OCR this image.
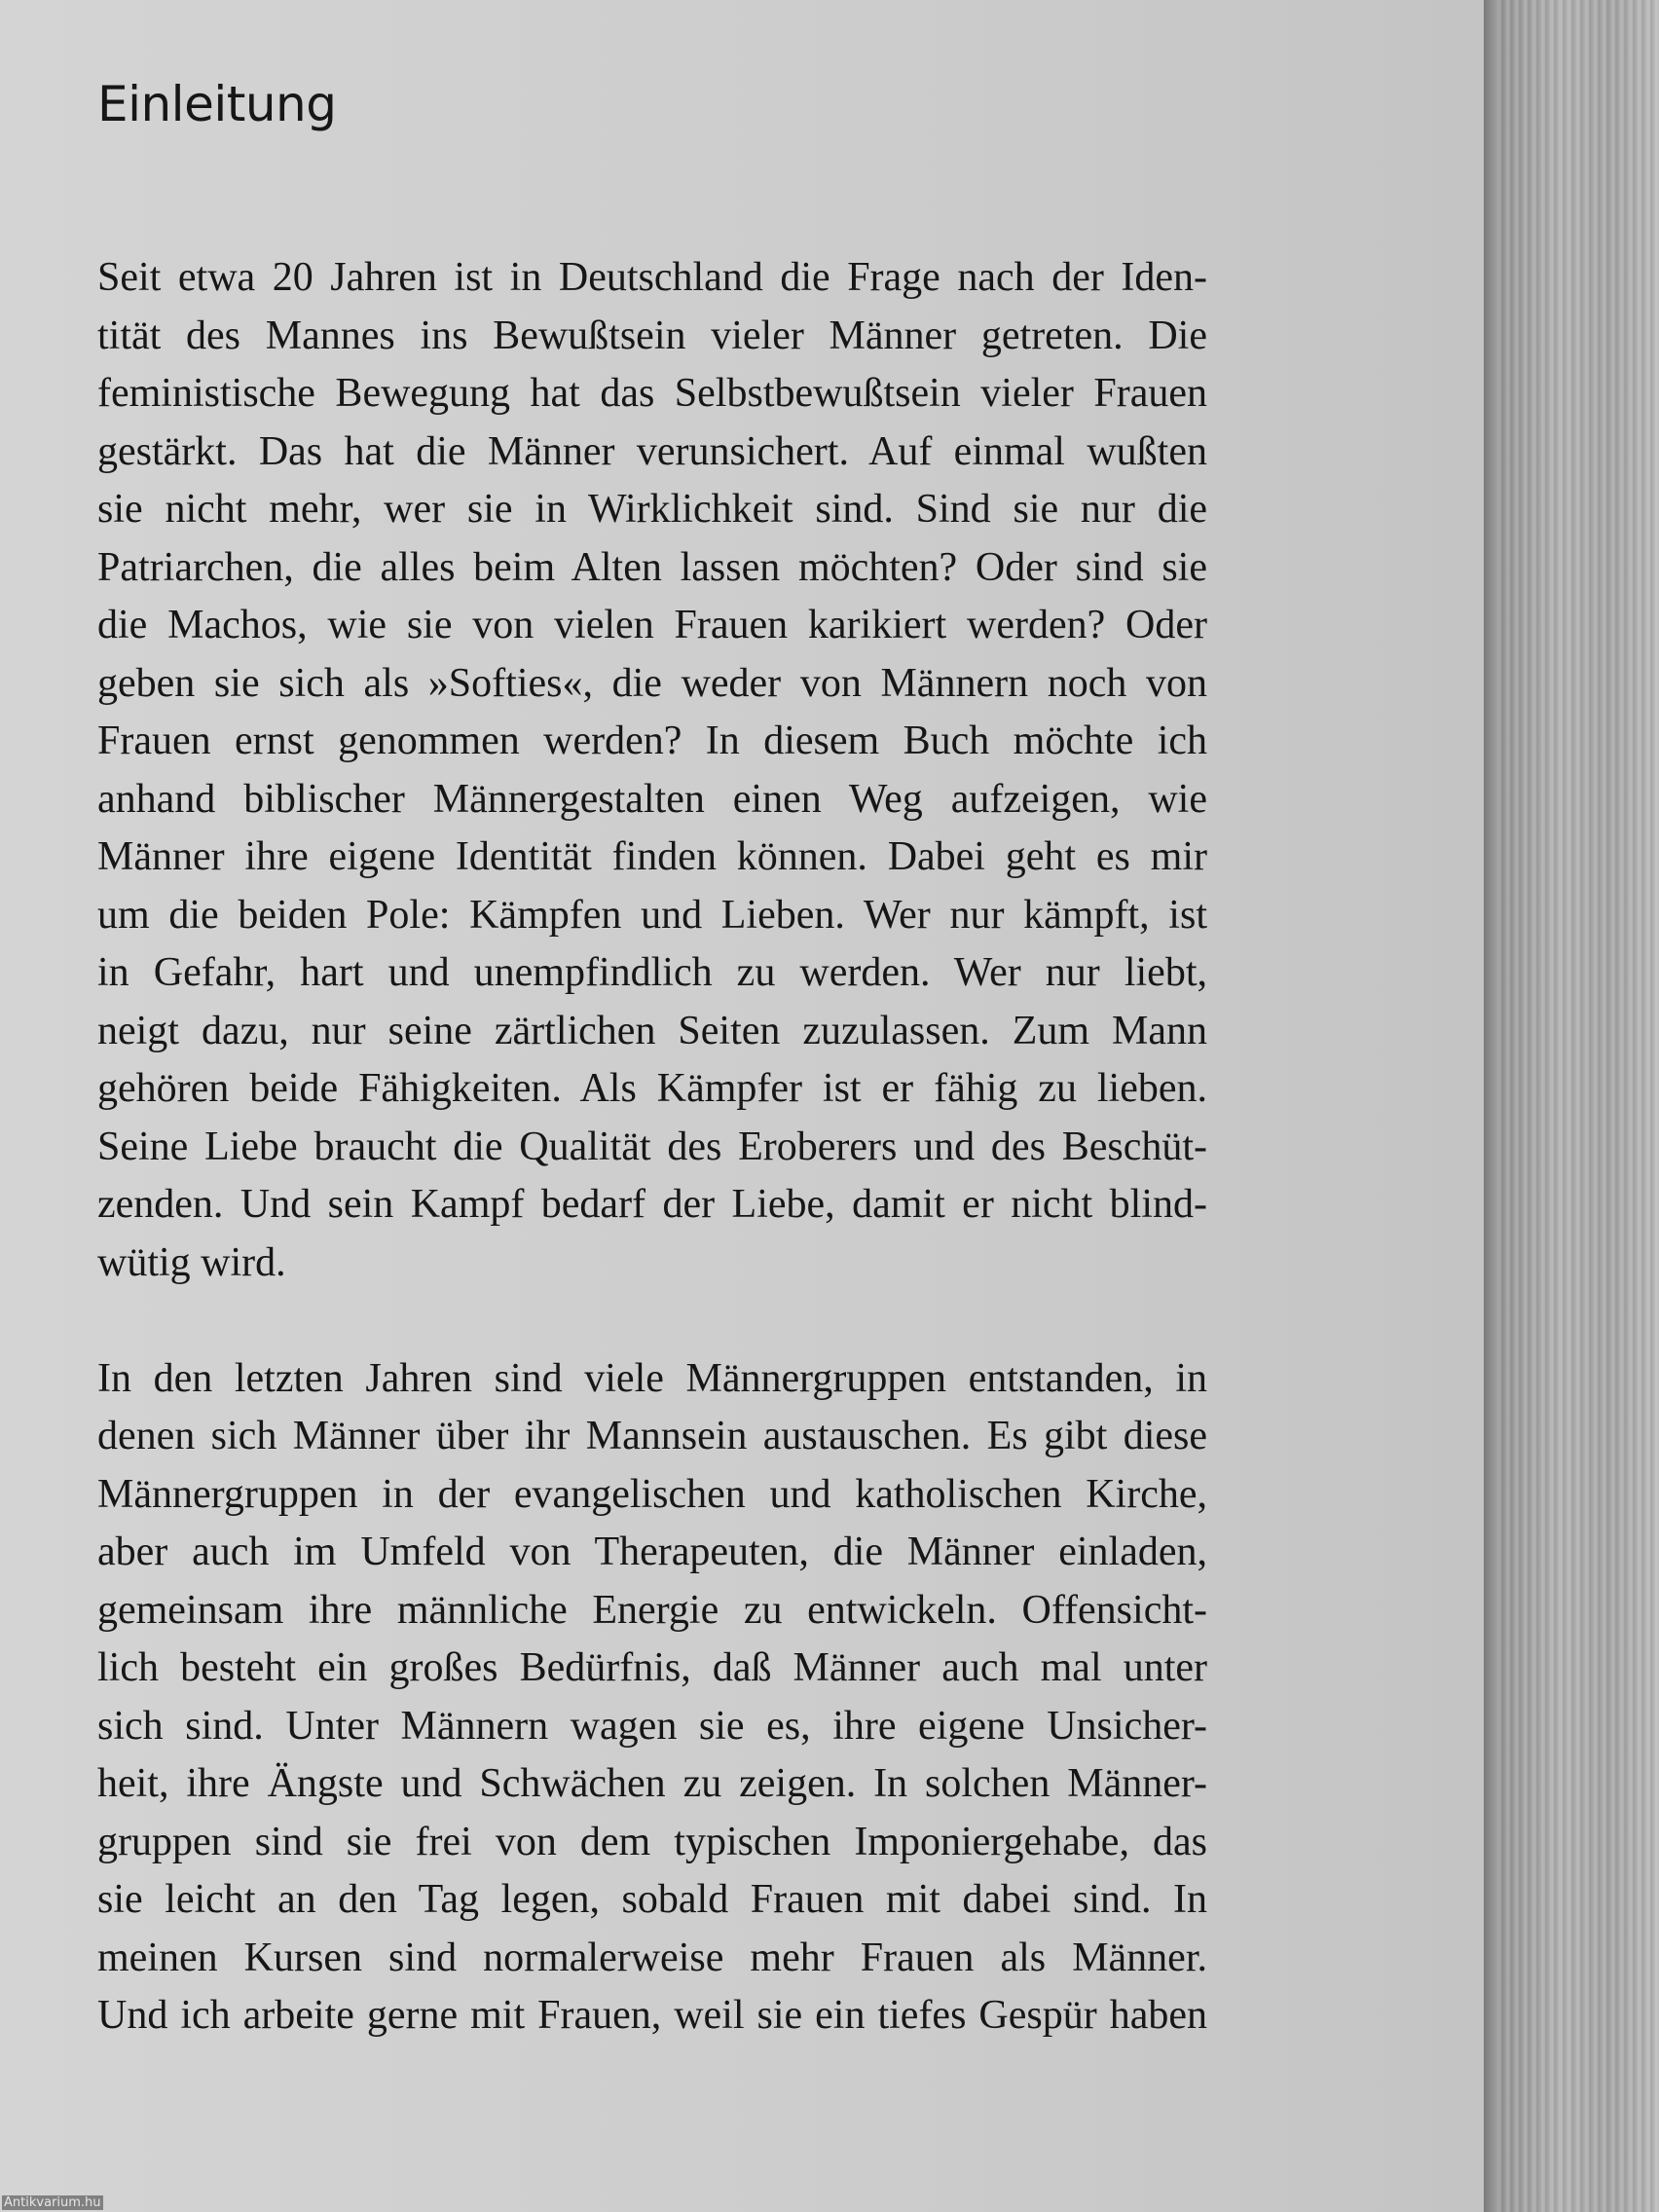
Einleitung
Seit etwa 20 Jahren ist in Deutschland die Frage nach der Iden-
tität des Mannes ins Bewußtsein vieler Männer getreten. Die
feministische Bewegung hat das Selbstbewußtsein vieler Frauen
gestärkt. Das hat die Männer verunsichert. Auf einmal wußten
sie nicht mehr, wer sie in Wirklichkeit sind. Sind sie nur die
Patriarchen, die alles beim Alten lassen möchten? Oder sind sie
die Machos, wie sie von vielen Frauen karikiert werden? Oder
geben sie sich als »Softies«, die weder von Männern noch von
Frauen ernst genommen werden? In diesem Buch möchte ich
anhand biblischer Männergestalten einen Weg aufzeigen, wie
Männer ihre eigene Identität finden können. Dabei geht es mir
um die beiden Pole: Kämpfen und Lieben. Wer nur kämpft, ist
in Gefahr, hart und unempfindlich zu werden. Wer nur liebt,
neigt dazu, nur seine zärtlichen Seiten zuzulassen. Zum Mann
gehören beide Fähigkeiten. Als Kämpfer ist er fähig zu lieben.
Seine Liebe braucht die Qualität des Eroberers und des Beschüt-
zenden. Und sein Kampf bedarf der Liebe, damit er nicht blind-
wütig wird.
In den letzten Jahren sind viele Männergruppen entstanden, in
denen sich Männer über ihr Mannsein austauschen. Es gibt diese
Männergruppen in der evangelischen und katholischen Kirche,
aber auch im Umfeld von Therapeuten, die Männer einladen,
gemeinsam ihre männliche Energie zu entwickeln. Offensicht-
lich besteht ein großes Bedürfnis, daß Männer auch mal unter
sich sind. Unter Männern wagen sie es, ihre eigene Unsicher-
heit, ihre Ängste und Schwächen zu zeigen. In solchen Männer-
gruppen sind sie frei von dem typischen Imponiergehabe, das
sie leicht an den Tag legen, sobald Frauen mit dabei sind. In
meinen Kursen sind normalerweise mehr Frauen als Männer.
Und ich arbeite gerne mit Frauen, weil sie ein tiefes Gespür haben
Antikvarium.hu
